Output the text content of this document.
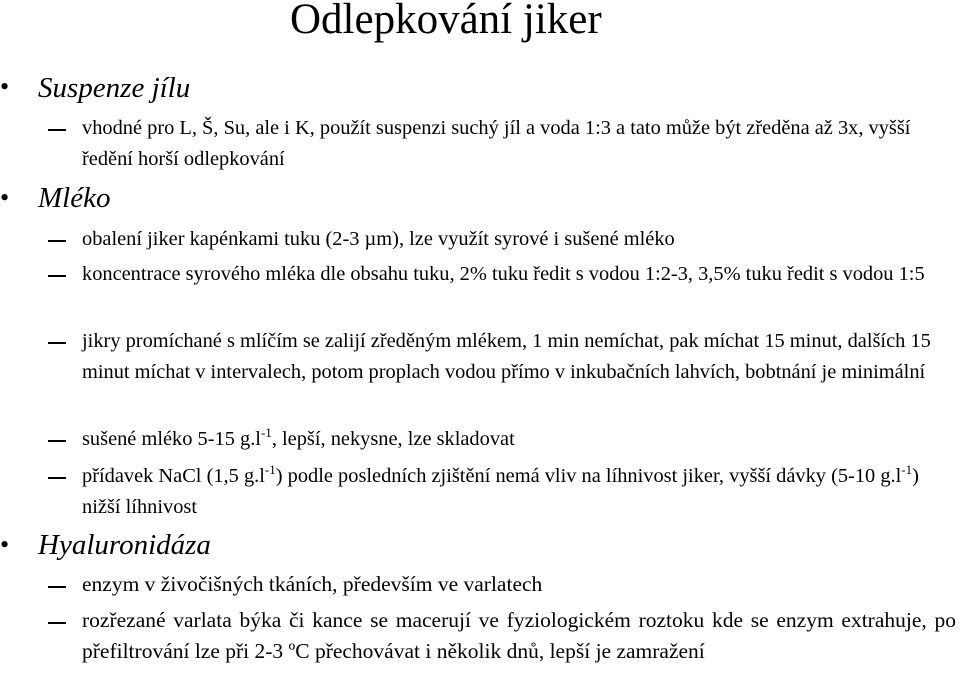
Odlepkování jiker
• Suspenze jílu
vhodné pro L, Š, Su, ale i K, použít suspenzi suchý jíl a voda 1:3 a tato může být zředěna až 3x, vyšší ředění horší odlepkování
• Mléko
obalení jiker kapénkami tuku (2-3 µm), lze využít syrové i sušené mléko
koncentrace syrového mléka dle obsahu tuku, 2% tuku ředit s vodou 1:2-3, 3,5% tuku ředit s vodou 1:5
jikry promíchané s mlíčím se zalijí zředěným mlékem, 1 min nemíchat, pak míchat 15 minut, dalších 15 minut míchat v intervalech, potom proplach vodou přímo v inkubačních lahvích, bobtnání je minimální
sušené mléko 5-15 $g.l^{-1}$, lepší, nekysne, lze skladovat
přídavek NaCl (1,5 $g.l^{-1}$) podle posledních zjištění nemá vliv na líhnivost jiker, vyšší dávky (5-10 $g.l^{-1}$) nižší líhnivost
• Hyaluronidáza
enzym v živočišných tkáních, především ve varlatech
rozřezané varlata býka či kance se macerují ve fyziologickém roztoku kde se enzym extrahuje, po přefiltrování lze při 2-3 ºC přechovávat i několik dnů, lepší je zamražení
